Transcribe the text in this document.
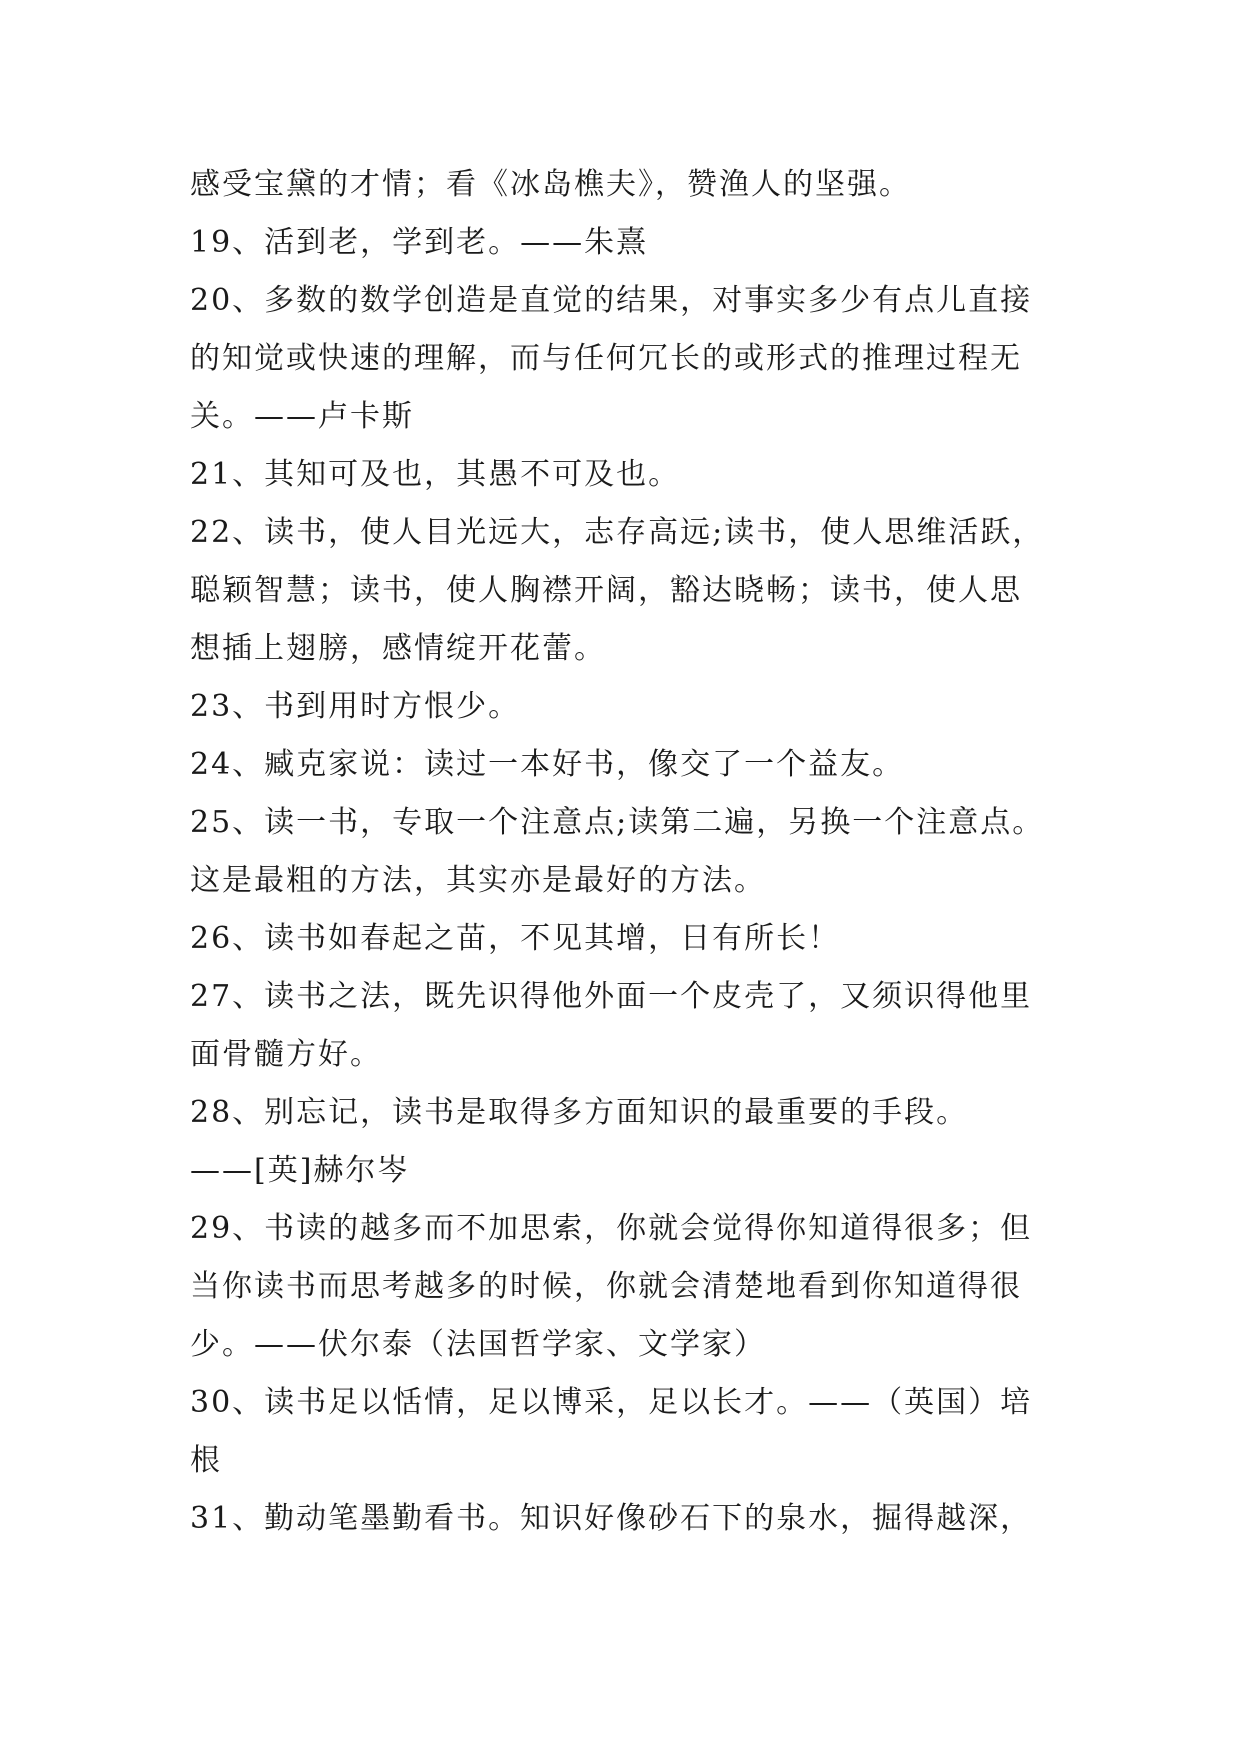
感受宝黛的才情；看《冰岛樵夫》，赞渔人的坚强。
19、活到老，学到老。——朱熹
20、多数的数学创造是直觉的结果，对事实多少有点儿直接
的知觉或快速的理解，而与任何冗长的或形式的推理过程无
关。——卢卡斯
21、其知可及也，其愚不可及也。
22、读书，使人目光远大，志存高远;读书，使人思维活跃，
聪颖智慧；读书，使人胸襟开阔，豁达晓畅；读书，使人思
想插上翅膀，感情绽开花蕾。
23、书到用时方恨少。
24、臧克家说：读过一本好书，像交了一个益友。
25、读一书，专取一个注意点;读第二遍，另换一个注意点。
这是最粗的方法，其实亦是最好的方法。
26、读书如春起之苗，不见其增，日有所长！
27、读书之法，既先识得他外面一个皮壳了，又须识得他里
面骨髓方好。
28、别忘记，读书是取得多方面知识的最重要的手段。
——[英]赫尔岑
29、书读的越多而不加思索，你就会觉得你知道得很多；但
当你读书而思考越多的时候，你就会清楚地看到你知道得很
少。——伏尔泰（法国哲学家、文学家）
30、读书足以恬情，足以博采，足以长才。——（英国）培
根
31、勤动笔墨勤看书。知识好像砂石下的泉水，掘得越深，
